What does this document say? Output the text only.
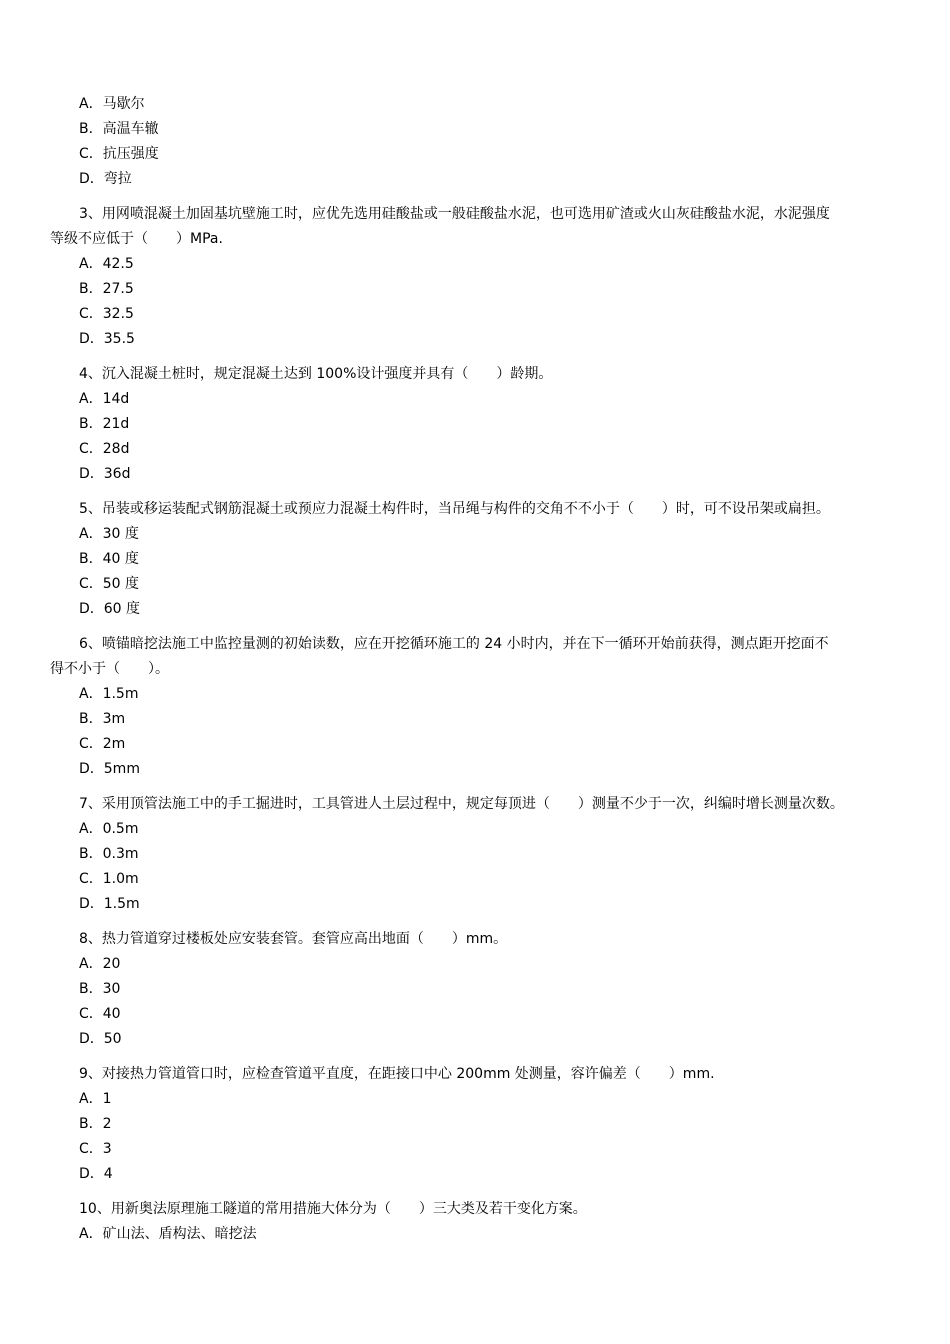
A．马歇尔
B．高温车辙
C．抗压强度
D．弯拉
3、用网喷混凝土加固基坑壁施工时，应优先选用硅酸盐或一般硅酸盐水泥，也可选用矿渣或火山灰硅酸盐水泥，水泥强度
等级不应低于（　　）MPa.
A．42.5
B．27.5
C．32.5
D．35.5
4、沉入混凝土桩时，规定混凝土达到 100%设计强度并具有（　　）龄期。
A．14d
B．21d
C．28d
D．36d
5、吊装或移运装配式钢筋混凝土或预应力混凝土构件时，当吊绳与构件的交角不不小于（　　）时，可不设吊架或扁担。
A．30 度
B．40 度
C．50 度
D．60 度
6、喷锚暗挖法施工中监控量测的初始读数，应在开挖循环施工的 24 小时内，并在下一循环开始前获得，测点距开挖面不
得不小于（　　）。
A．1.5m
B．3m
C．2m
D．5mm
7、采用顶管法施工中的手工掘进时，工具管进人土层过程中，规定每顶进（　　）测量不少于一次，纠编时增长测量次数。
A．0.5m
B．0.3m
C．1.0m
D．1.5m
8、热力管道穿过楼板处应安装套管。套管应高出地面（　　）mm。
A．20
B．30
C．40
D．50
9、对接热力管道管口时，应检查管道平直度，在距接口中心 200mm 处测量，容许偏差（　　）mm.
A．1
B．2
C．3
D．4
10、用新奥法原理施工隧道的常用措施大体分为（　　）三大类及若干变化方案。
A．矿山法、盾构法、暗挖法
